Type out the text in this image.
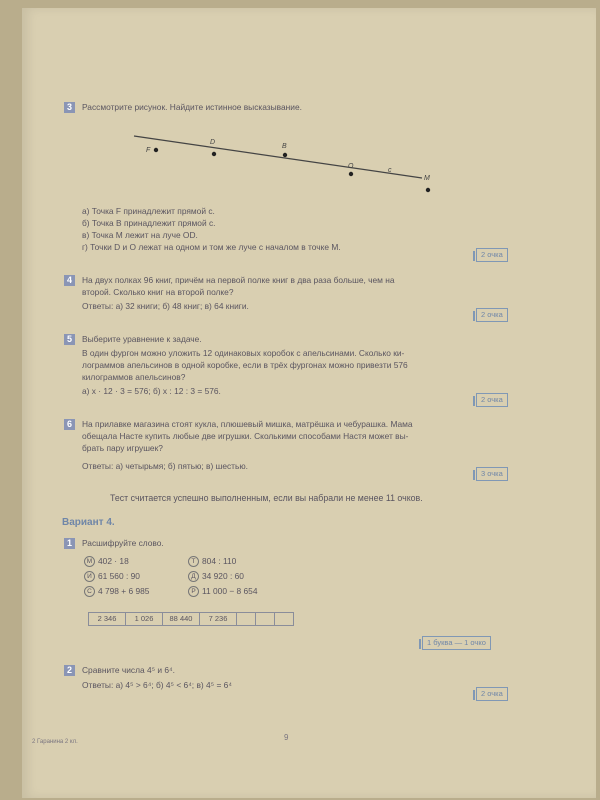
3	Рассмотрите рисунок. Найдите истинное высказывание.
F
D
B
O
c
M
а) Точка F принадлежит прямой c.
б) Точка B принадлежит прямой c.
в) Точка M лежит на луче OD.
г) Точки D и O лежат на одном и том же луче с началом в точке M.
2 очка
4	На двух полках 96 книг, причём на первой полке книг в два раза больше, чем на
второй. Сколько книг на второй полке?
Ответы: а) 32 книги; б) 48 книг; в) 64 книги.
2 очка
5	Выберите уравнение к задаче.
В один фургон можно уложить 12 одинаковых коробок с апельсинами. Сколько ки-
лограммов апельсинов в одной коробке, если в трёх фургонах можно привезти 576
килограммов апельсинов?
а) x · 12 · 3 = 576; б) x : 12 : 3 = 576.
2 очка
6	На прилавке магазина стоят кукла, плюшевый мишка, матрёшка и чебурашка. Мама
обещала Насте купить любые две игрушки. Сколькими способами Настя может вы-
брать пару игрушек?
Ответы: а) четырьмя; б) пятью; в) шестью.
3 очка
Тест считается успешно выполненным, если вы набрали не менее 11 очков.
Вариант 4.
1	Расшифруйте слово.
М 402 · 18	Т 804 : 110
И 61 560 : 90	Д 34 920 : 60
С 4 798 + 6 985	Р 11 000 − 8 654
2 346	1 026	88 440	7 236
1 буква — 1 очко
2	Сравните числа 4⁵ и 6⁴.
Ответы: а) 4⁵ > 6⁴; б) 4⁵ < 6⁴; в) 4⁵ = 6⁴
2 очка
2 Гаранина 2 кл.	9
